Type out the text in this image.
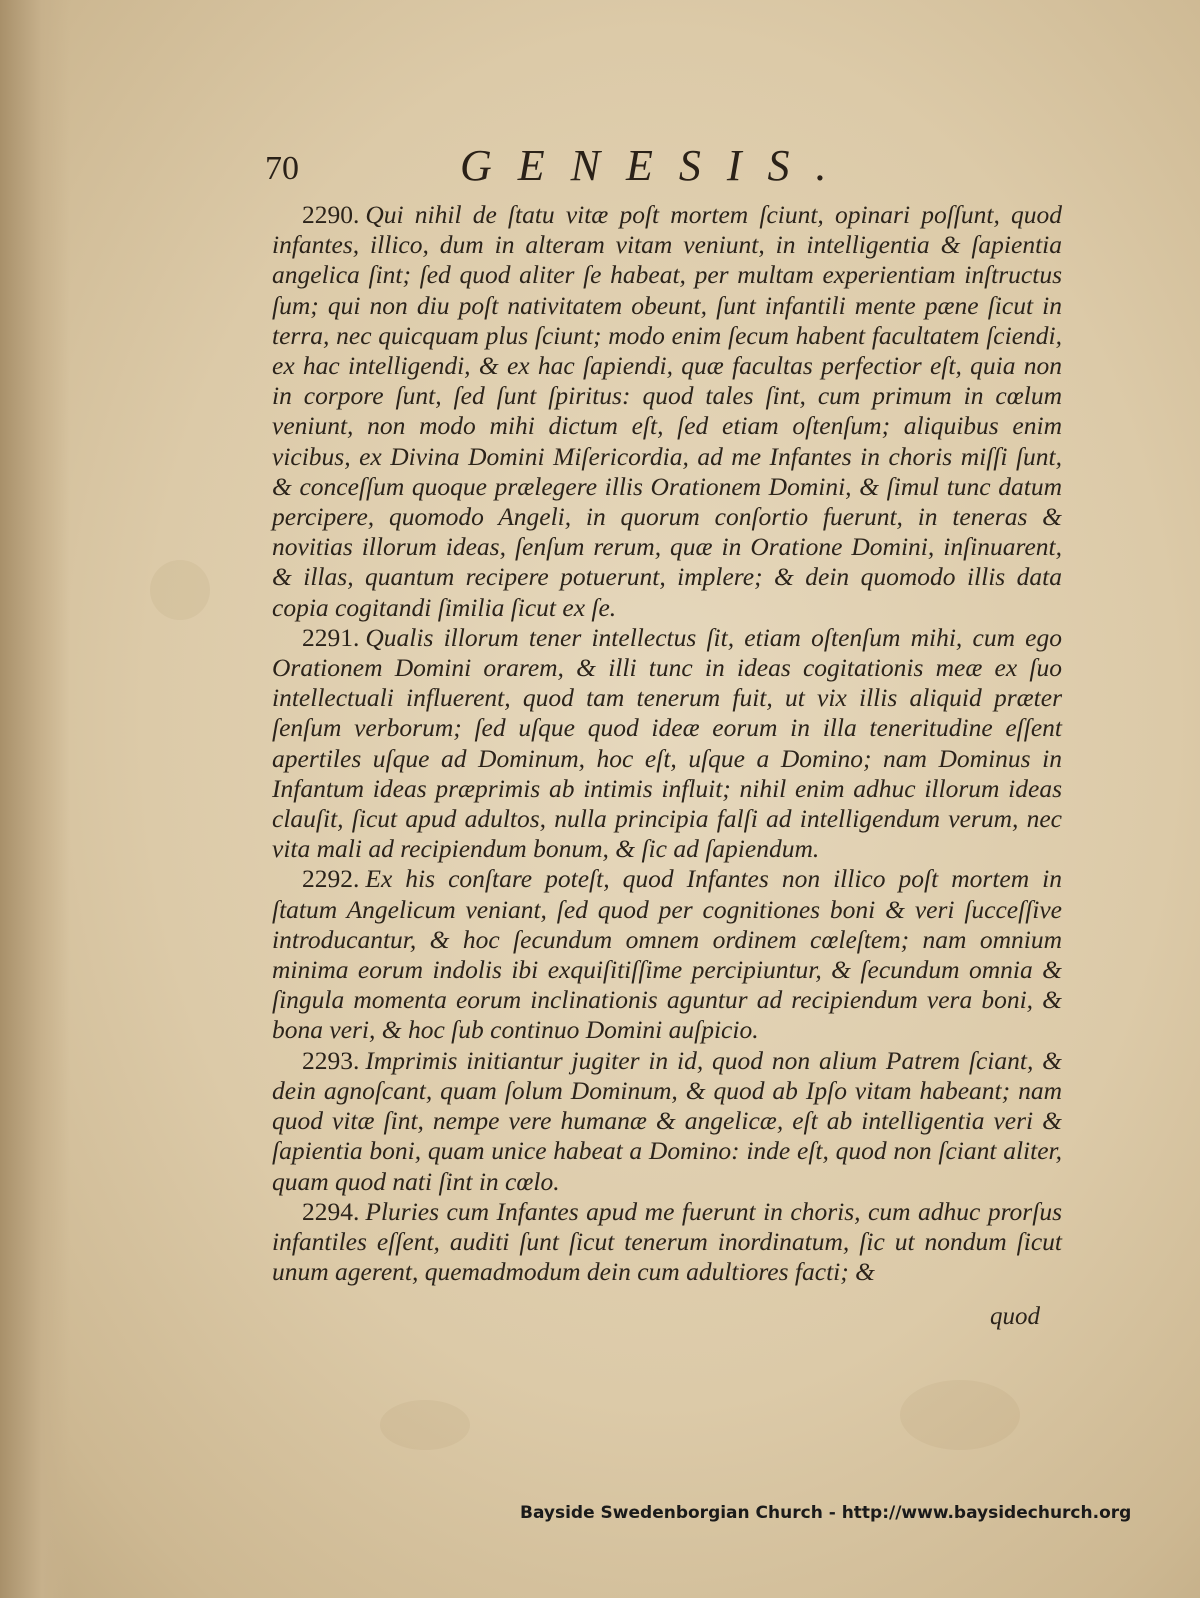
70	GENESIS.

2290. Qui nihil de ſtatu vitæ poſt mortem ſciunt, opinari poſſunt, quod infantes, illico, dum in alteram vitam veniunt, in intelligentia & ſapientia angelica ſint; ſed quod aliter ſe habeat, per multam experientiam inſtructus ſum; qui non diu poſt nativitatem obeunt, ſunt infantili mente pæne ſicut in terra, nec quicquam plus ſciunt; modo enim ſecum habent facultatem ſciendi, ex hac intelligendi, & ex hac ſapiendi, quæ facultas perfectior eſt, quia non in corpore ſunt, ſed ſunt ſpiritus: quod tales ſint, cum primum in cœlum veniunt, non modo mihi dictum eſt, ſed etiam oſtenſum; aliquibus enim vicibus, ex Divina Domini Miſericordia, ad me Infantes in choris miſſi ſunt, & conceſſum quoque prælegere illis Orationem Domini, & ſimul tunc datum percipere, quomodo Angeli, in quorum conſortio fuerunt, in teneras & novitias illorum ideas, ſenſum rerum, quæ in Oratione Domini, inſinuarent, & illas, quantum recipere potuerunt, implere; & dein quomodo illis data copia cogitandi ſimilia ſicut ex ſe.

2291. Qualis illorum tener intellectus ſit, etiam oſtenſum mihi, cum ego Orationem Domini orarem, & illi tunc in ideas cogitationis meæ ex ſuo intellectuali influerent, quod tam tenerum fuit, ut vix illis aliquid præter ſenſum verborum; ſed uſque quod ideæ eorum in illa teneritudine eſſent apertiles uſque ad Dominum, hoc eſt, uſque a Domino; nam Dominus in Infantum ideas præprimis ab intimis influit; nihil enim adhuc illorum ideas clauſit, ſicut apud adultos, nulla principia falſi ad intelligendum verum, nec vita mali ad recipiendum bonum, & ſic ad ſapiendum.

2292. Ex his conſtare poteſt, quod Infantes non illico poſt mortem in ſtatum Angelicum veniant, ſed quod per cognitiones boni & veri ſucceſſive introducantur, & hoc ſecundum omnem ordinem cœleſtem; nam omnium minima eorum indolis ibi exquiſitiſſime percipiuntur, & ſecundum omnia & ſingula momenta eorum inclinationis aguntur ad recipiendum vera boni, & bona veri, & hoc ſub continuo Domini auſpicio.

2293. Imprimis initiantur jugiter in id, quod non alium Patrem ſciant, & dein agnoſcant, quam ſolum Dominum, & quod ab Ipſo vitam habeant; nam quod vitæ ſint, nempe vere humanæ & angelicæ, eſt ab intelligentia veri & ſapientia boni, quam unice habeat a Domino: inde eſt, quod non ſciant aliter, quam quod nati ſint in cœlo.

2294. Pluries cum Infantes apud me fuerunt in choris, cum adhuc prorſus infantiles eſſent, auditi ſunt ſicut tenerum inordinatum, ſic ut nondum ſicut unum agerent, quemadmodum dein cum adultiores facti; &

quod
Bayside Swedenborgian Church - http://www.baysidechurch.org
